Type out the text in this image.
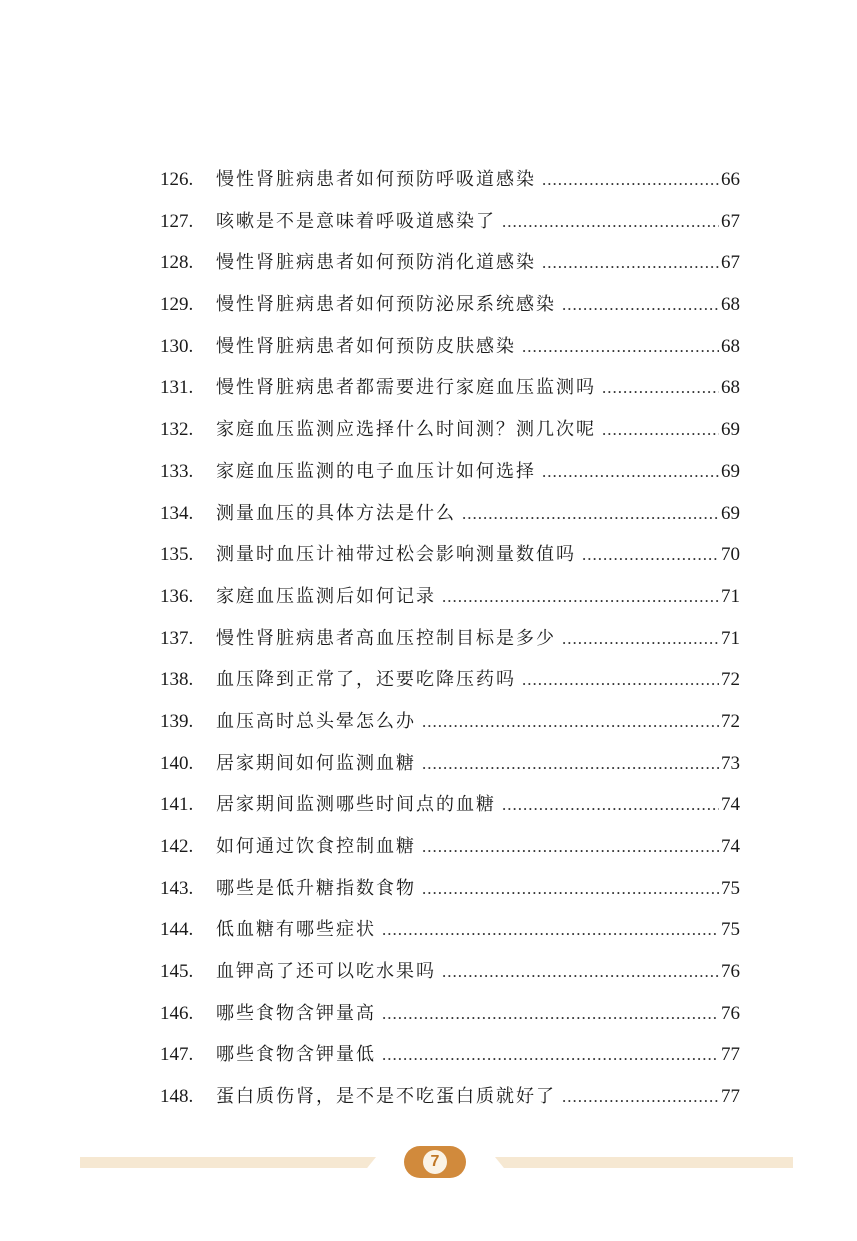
126.	慢性肾脏病患者如何预防呼吸道感染 .....	66
127.	咳嗽是不是意味着呼吸道感染了 .....	67
128.	慢性肾脏病患者如何预防消化道感染 .....	67
129.	慢性肾脏病患者如何预防泌尿系统感染 .....	68
130.	慢性肾脏病患者如何预防皮肤感染 .....	68
131.	慢性肾脏病患者都需要进行家庭血压监测吗 .....	68
132.	家庭血压监测应选择什么时间测？测几次呢 .....	69
133.	家庭血压监测的电子血压计如何选择 .....	69
134.	测量血压的具体方法是什么 .....	69
135.	测量时血压计袖带过松会影响测量数值吗 .....	70
136.	家庭血压监测后如何记录 .....	71
137.	慢性肾脏病患者高血压控制目标是多少 .....	71
138.	血压降到正常了，还要吃降压药吗 .....	72
139.	血压高时总头晕怎么办 .....	72
140.	居家期间如何监测血糖 .....	73
141.	居家期间监测哪些时间点的血糖 .....	74
142.	如何通过饮食控制血糖 .....	74
143.	哪些是低升糖指数食物 .....	75
144.	低血糖有哪些症状 .....	75
145.	血钾高了还可以吃水果吗 .....	76
146.	哪些食物含钾量高 .....	76
147.	哪些食物含钾量低 .....	77
148.	蛋白质伤肾，是不是不吃蛋白质就好了 .....	77
7
